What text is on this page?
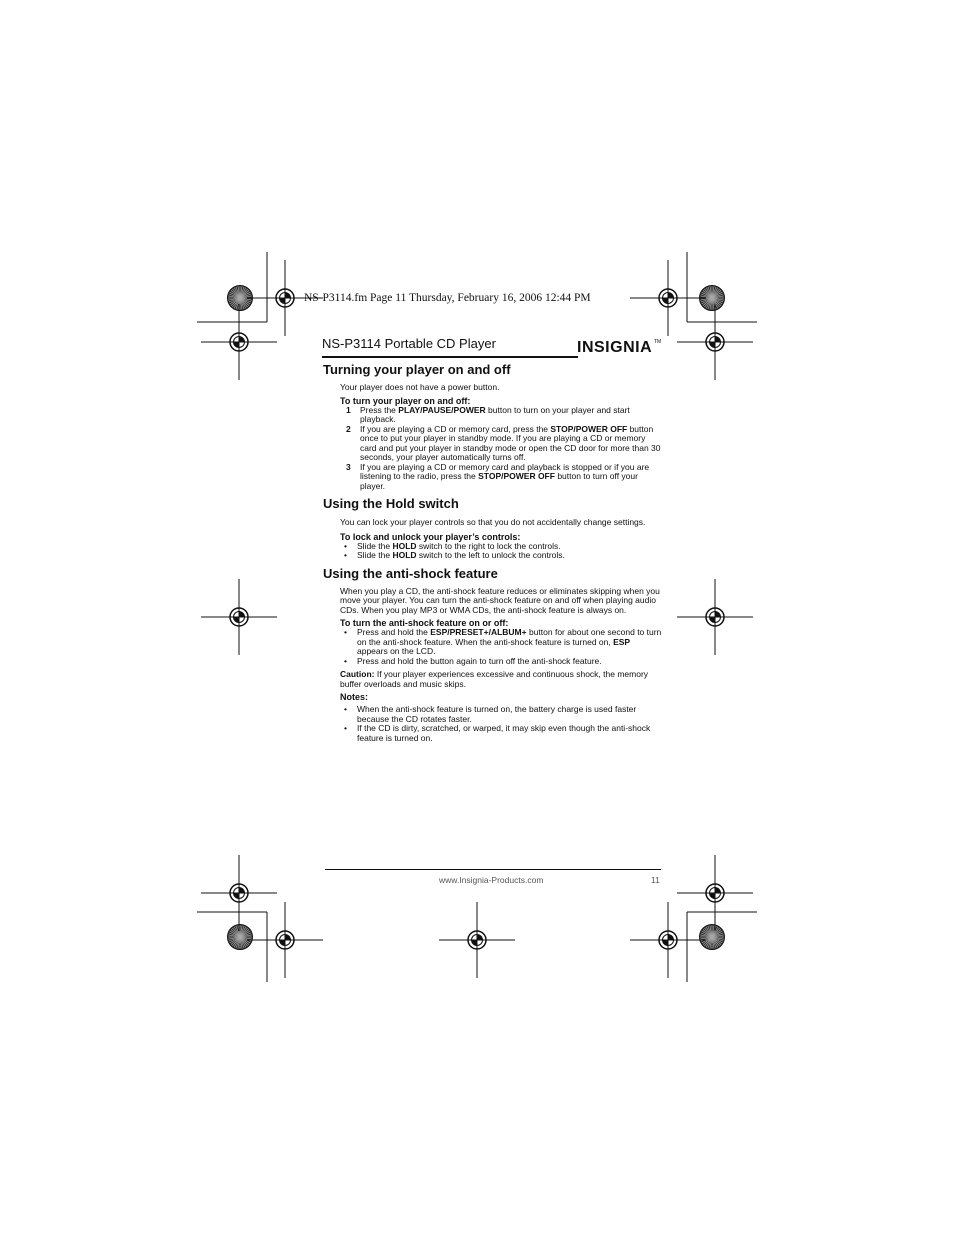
NS-P3114.fm Page 11 Thursday, February 16, 2006 12:44 PM
NS-P3114 Portable CD Player	INSIGNIA TM
Turning your player on and off

Your player does not have a power button.

To turn your player on and off:

1	Press the PLAY/PAUSE/POWER button to turn on your player and start playback.
2	If you are playing a CD or memory card, press the STOP/POWER OFF button once to put your player in standby mode. If you are playing a CD or memory card and put your player in standby mode or open the CD door for more than 30 seconds, your player automatically turns off.
3	If you are playing a CD or memory card and playback is stopped or if you are listening to the radio, press the STOP/POWER OFF button to turn off your player.
Using the Hold switch

You can lock your player controls so that you do not accidentally change settings.

To lock and unlock your player’s controls:

•	Slide the HOLD switch to the right to lock the controls.
•	Slide the HOLD switch to the left to unlock the controls.
Using the anti-shock feature

When you play a CD, the anti-shock feature reduces or eliminates skipping when you move your player. You can turn the anti-shock feature on and off when playing audio CDs. When you play MP3 or WMA CDs, the anti-shock feature is always on.

To turn the anti-shock feature on or off:

•	Press and hold the ESP/PRESET+/ALBUM+ button for about one second to turn on the anti-shock feature. When the anti-shock feature is turned on, ESP appears on the LCD.
•	Press and hold the button again to turn off the anti-shock feature.

Caution: If your player experiences excessive and continuous shock, the memory buffer overloads and music skips.

Notes:

•	When the anti-shock feature is turned on, the battery charge is used faster because the CD rotates faster.
•	If the CD is dirty, scratched, or warped, it may skip even though the anti-shock feature is turned on.
www.Insignia-Products.com	11
